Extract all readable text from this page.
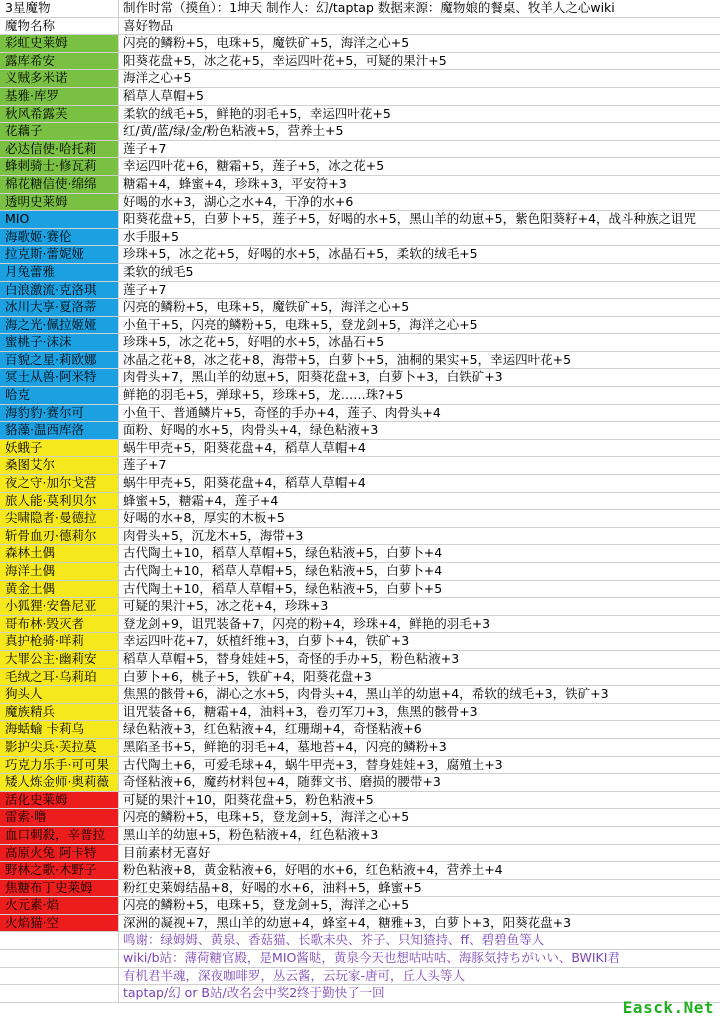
3星魔物	制作时常（摸鱼）：1坤天 制作人：幻/taptap 数据来源：魔物娘的餐桌、牧羊人之心wiki
魔物名称	喜好物品
彩虹史莱姆	闪亮的鳞粉+5，电珠+5，魔铁矿+5，海洋之心+5
露库希安	阳葵花盘+5，冰之花+5，幸运四叶花+5，可疑的果汁+5
义贼多米诺	海洋之心+5
基雅·库罗	稻草人草帽+5
秋风希露芙	柔软的绒毛+5，鲜艳的羽毛+5，幸运四叶花+5
花藕子	红/黄/蓝/绿/金/粉色粘液+5，营养土+5
必达信使·哈托莉	莲子+7
蜂刺骑士·修瓦莉	幸运四叶花+6，糖霜+5，莲子+5，冰之花+5
棉花糖信使·绵绵	糖霜+4，蜂蜜+4，珍珠+3，平安符+3
透明史莱姆	好喝的水+3，湖心之水+4，干净的水+6
MIO	阳葵花盘+5，白萝卜+5，莲子+5，好喝的水+5，黑山羊的幼崽+5，紫色阳葵籽+4，战斗种族之诅咒
海歌姬·赛伦	水手服+5
拉克斯·蕾妮娅	珍珠+5，冰之花+5，好喝的水+5，冰晶石+5，柔软的绒毛+5
月兔蕾雅	柔软的绒毛5
白浪激流·克洛琪	莲子+7
冰川大享·夏洛蒂	闪亮的鳞粉+5，电珠+5，魔铁矿+5，海洋之心+5
海之光·佩拉姬娅	小鱼干+5，闪亮的鳞粉+5，电珠+5，登龙剑+5，海洋之心+5
蜜桃子·沫沫	珍珠+5，冰之花+5，好唱的水+5，冰晶石+5
百貌之星·莉欧娜	冰晶之花+8，冰之花+8，海带+5，白萝卜+5，油桐的果实+5，幸运四叶花+5
冥土从兽·阿米特	肉骨头+7，黑山羊的幼崽+5，阳葵花盘+3，白萝卜+3，白铁矿+3
哈克	鲜艳的羽毛+5，弹球+5，珍珠+5，龙……珠?+5
海豹豹·赛尔可	小鱼干、普通鳞片+5，奇怪的手办+4，莲子、肉骨头+4
貉藻·温西库洛	面粉、好喝的水+5，肉骨头+4，绿色粘液+3
妖蛾子	蜗牛甲壳+5，阳葵花盘+4，稻草人草帽+4
桑图艾尔	莲子+7
夜之守·加尔戈营	蜗牛甲壳+5，阳葵花盘+4，稻草人草帽+4
旅人能·莫利贝尔	蜂蜜+5，糖霜+4，莲子+4
尖啸隐者·曼德拉	好喝的水+8，厚实的木板+5
斩骨血刃·德莉尔	肉骨头+5，沉龙木+5，海带+3
森林土偶	古代陶土+10，稻草人草帽+5，绿色粘液+5，白萝卜+4
海洋土偶	古代陶土+10，稻草人草帽+5，绿色粘液+5，白萝卜+4
黄金土偶	古代陶土+10，稻草人草帽+5，绿色粘液+5，白萝卜+5
小狐狸·安鲁尼亚	可疑的果汁+5，冰之花+4，珍珠+3
哥布林·毁灭者	登龙剑+9，诅咒装备+7，闪亮的粉+4，珍珠+4，鲜艳的羽毛+3
真护枪骑·咩莉	幸运四叶花+7，妖植纤维+3，白萝卜+4，铁矿+3
大罪公主·幽莉安	稻草人草帽+5，替身娃娃+5，奇怪的手办+5，粉色粘液+3
毛绒之耳·乌莉珀	白萝卜+6，桃子+5，铁矿+4，阳葵花盘+3
狗头人	焦黑的骸骨+6，湖心之水+5，肉骨头+4，黑山羊的幼崽+4，希软的绒毛+3，铁矿+3
魔族精兵	诅咒装备+6，糖霜+4，油料+3，卷刃军刀+3，焦黑的骸骨+3
海蛞蝓 卡莉乌	绿色粘液+3，红色粘液+4，红珊瑚+4，奇怪粘液+6
影护尖兵·芙拉莫	黑陷圣书+5，鲜艳的羽毛+4，墓地苔+4，闪亮的鳞粉+3
巧克力乐手·可可果	古代陶土+6，可爱毛球+4，蜗牛甲壳+3，替身娃娃+3，腐殖土+3
矮人炼金师·奥莉薇	奇怪粘液+6，魔药材料包+4，随葬文书、磨损的腰带+3
活化史莱姆	可疑的果汁+10，阳葵花盘+5，粉色粘液+5
雷索·噜	闪亮的鳞粉+5，电珠+5，登龙剑+5，海洋之心+5
血口刺殺，辛普拉	黑山羊的幼崽+5，粉色粘液+4，红色粘液+3
高原火兔 阿卡特	目前素材无喜好
野林之歌·木野子	粉色粘液+8，黄金粘液+6，好唱的水+6，红色粘液+4，营养土+4
焦糖布丁史莱姆	粉红史莱姆结晶+8，好喝的水+6，油料+5，蜂蜜+5
火元素·焰	闪亮的鳞粉+5，电珠+5，登龙剑+5，海洋之心+5
火焰猫·空	深洲的凝视+7，黑山羊的幼崽+4，蜂室+4，糖雅+3，白萝卜+3，阳葵花盘+3
鸣谢：绿姆姆、黄泉、香菇猫、长歌未央、芥子、只知猹持、ff、碧碧鱼等人
wiki/b站：薄荷糖官殿，是MIO酱哒，黄泉今天也想咕咕咕、海豚気持ちがいい、BWIKI君
有机君半魂，深夜咖啡罗，丛云酱，云玩家-唐可，丘人头等人
taptap/幻 or B站/改名会中奖2终于勤快了一回
Easck.Net
